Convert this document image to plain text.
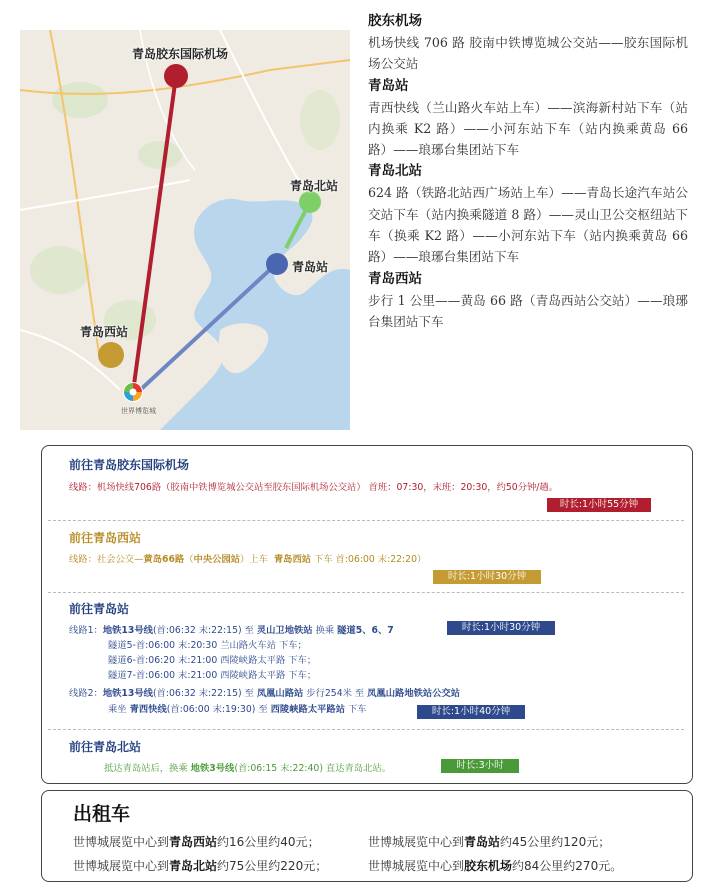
青岛胶东国际机场
青岛北站
青岛站
青岛西站
世界博览城
胶东机场
机场快线 706 路 胶南中铁博览城公交站——胶东国际机场公交站
青岛站
青西快线（兰山路火车站上车）——滨海新村站下车（站内换乘 K2 路）——小河东站下车（站内换乘黄岛 66 路）——琅琊台集团站下车
青岛北站
624 路（铁路北站西广场站上车）——青岛长途汽车站公交站下车（站内换乘隧道 8 路）——灵山卫公交枢纽站下车（换乘 K2 路）——小河东站下车（站内换乘黄岛 66 路）——琅琊台集团站下车
青岛西站
步行 1 公里——黄岛 66 路（青岛西站公交站）——琅琊台集团站下车
前往青岛胶东国际机场
线路：机场快线706路（胶南中铁博览城公交站至胶东国际机场公交站） 首班：07:30，末班：20:30，约50分钟/趟。
时长:1小时55分钟
前往青岛西站
线路：社会公交—黄岛66路（中央公园站）上车 青岛西站 下车 首:06:00 末:22:20）
时长:1小时30分钟
前往青岛站
线路1：地铁13号线(首:06:32 末:22:15) 至 灵山卫地铁站 换乘 隧道5、6、7	时长:1小时30分钟
隧道5-首:06:00 末:20:30 兰山路火车站 下车；
隧道6-首:06:20 末:21:00 西陵峡路太平路 下车；
隧道7-首:06:00 末:21:00 西陵峡路太平路 下车；
线路2：地铁13号线(首:06:32 末:22:15) 至 凤凰山路站 步行254米 至 凤凰山路地铁站公交站
乘坐 青西快线(首:06:00 末:19:30) 至 西陵峡路太平路站 下车	时长:1小时40分钟
前往青岛北站
抵达青岛站后，换乘 地铁3号线(首:06:15 末:22:40) 直达青岛北站。	时长:3小时
出租车
世博城展览中心到青岛西站约16公里约40元；	世博城展览中心到青岛站约45公里约120元；
世博城展览中心到青岛北站约75公里约220元；	世博城展览中心到胶东机场约84公里约270元。
